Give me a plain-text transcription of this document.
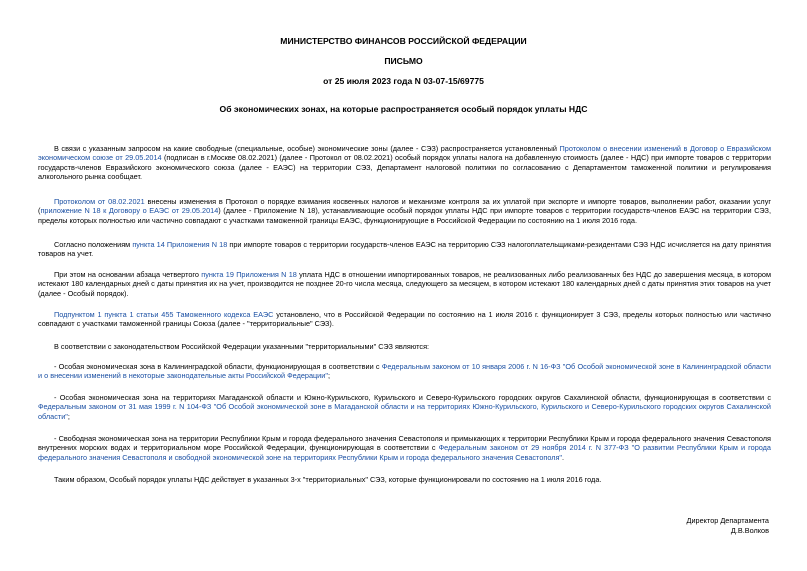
МИНИСТЕРСТВО ФИНАНСОВ РОССИЙСКОЙ ФЕДЕРАЦИИ
ПИСЬМО
от 25 июля 2023 года N 03-07-15/69775
Об экономических зонах, на которые распространяется особый порядок уплаты НДС
В связи с указанным запросом на какие свободные (специальные, особые) экономические зоны (далее - СЭЗ) распространяется установленный Протоколом о внесении изменений в Договор о Евразийском экономическом союзе от 29.05.2014 (подписан в г.Москве 08.02.2021) (далее - Протокол от 08.02.2021) особый порядок уплаты налога на добавленную стоимость (далее - НДС) при импорте товаров с территории государств-членов Евразийского экономического союза (далее - ЕАЭС) на территории СЭЗ, Департамент налоговой политики по согласованию с Департаментом таможенной политики и регулирования алкогольного рынка сообщает.
Протоколом от 08.02.2021 внесены изменения в Протокол о порядке взимания косвенных налогов и механизме контроля за их уплатой при экспорте и импорте товаров, выполнении работ, оказании услуг (приложение N 18 к Договору о ЕАЭС от 29.05.2014) (далее - Приложение N 18), устанавливающие особый порядок уплаты НДС при импорте товаров с территории государств-членов ЕАЭС на территории СЭЗ, пределы которых полностью или частично совпадают с участками таможенной границы ЕАЭС, функционирующие в Российской Федерации по состоянию на 1 июля 2016 года.
Согласно положениям пункта 14 Приложения N 18 при импорте товаров с территории государств-членов ЕАЭС на территорию СЭЗ налогоплательщиками-резидентами СЭЗ НДС исчисляется на дату принятия товаров на учет.
При этом на основании абзаца четвертого пункта 19 Приложения N 18 уплата НДС в отношении импортированных товаров, не реализованных либо реализованных без НДС до завершения месяца, в котором истекают 180 календарных дней с даты принятия их на учет, производится не позднее 20-го числа месяца, следующего за месяцем, в котором истекают 180 календарных дней с даты принятия этих товаров на учет (далее - Особый порядок).
Подпунктом 1 пункта 1 статьи 455 Таможенного кодекса ЕАЭС установлено, что в Российской Федерации по состоянию на 1 июля 2016 г. функционирует 3 СЭЗ, пределы которых полностью или частично совпадают с участками таможенной границы Союза (далее - "территориальные" СЭЗ).
В соответствии с законодательством Российской Федерации указанными "территориальными" СЭЗ являются:
- Особая экономическая зона в Калининградской области, функционирующая в соответствии с Федеральным законом от 10 января 2006 г. N 16-ФЗ "Об Особой экономической зоне в Калининградской области и о внесении изменений в некоторые законодательные акты Российской Федерации";
- Особая экономическая зона на территориях Магаданской области и Южно-Курильского, Курильского и Северо-Курильского городских округов Сахалинской области, функционирующая в соответствии с Федеральным законом от 31 мая 1999 г. N 104-ФЗ "Об Особой экономической зоне в Магаданской области и на территориях Южно-Курильского, Курильского и Северо-Курильского городских округов Сахалинской области";
- Свободная экономическая зона на территории Республики Крым и города федерального значения Севастополя и примыкающих к территории Республики Крым и города федерального значения Севастополя внутренних морских водах и территориальном море Российской Федерации, функционирующая в соответствии с Федеральным законом от 29 ноября 2014 г. N 377-ФЗ "О развитии Республики Крым и города федерального значения Севастополя и свободной экономической зоне на территориях Республики Крым и города федерального значения Севастополя".
Таким образом, Особый порядок уплаты НДС действует в указанных 3-х "территориальных" СЭЗ, которые функционировали по состоянию на 1 июля 2016 года.
Директор Департамента
Д.В.Волков
